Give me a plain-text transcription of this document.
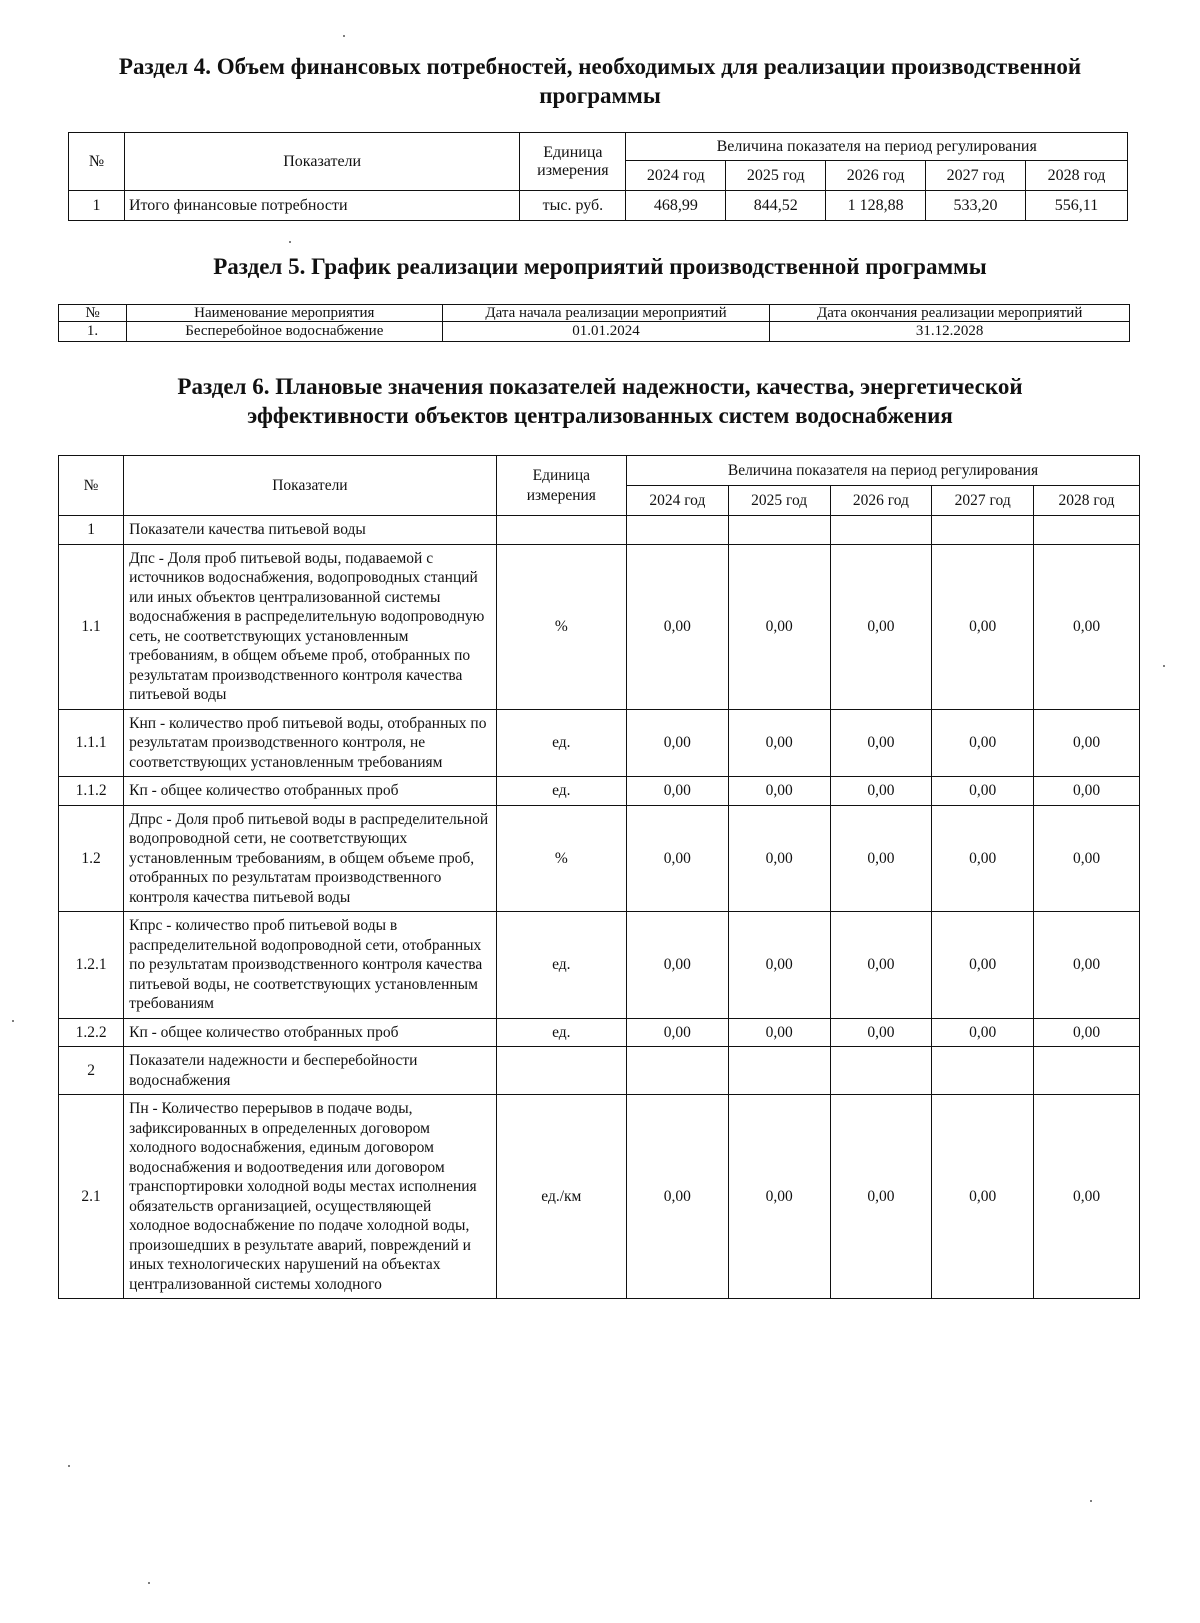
Раздел 4. Объем финансовых потребностей, необходимых для реализации производственной
программы
№	Показатели	Единица измерения	Величина показателя на период регулирования				
			2024 год	2025 год	2026 год	2027 год	2028 год
1	Итого финансовые потребности	тыс. руб.	468,99	844,52	1 128,88	533,20	556,11
Раздел 5. График реализации мероприятий производственной программы
№	Наименование мероприятия	Дата начала реализации мероприятий	Дата окончания реализации мероприятий
1.	Бесперебойное водоснабжение	01.01.2024	31.12.2028
Раздел 6. Плановые значения показателей надежности, качества, энергетической
эффективности объектов централизованных систем водоснабжения
№	Показатели	Единица измерения	Величина показателя на период регулирования				
			2024 год	2025 год	2026 год	2027 год	2028 год
1	Показатели качества питьевой воды						
1.1	Дпс - Доля проб питьевой воды, подаваемой с источников водоснабжения, водопроводных станций или иных объектов централизованной системы водоснабжения в распределительную водопроводную сеть, не соответствующих установленным требованиям, в общем объеме проб, отобранных по результатам производственного контроля качества питьевой воды	%	0,00	0,00	0,00	0,00	0,00
1.1.1	Кнп - количество проб питьевой воды, отобранных по результатам производственного контроля, не соответствующих установленным требованиям	ед.	0,00	0,00	0,00	0,00	0,00
1.1.2	Кп - общее количество отобранных проб	ед.	0,00	0,00	0,00	0,00	0,00
1.2	Дпрс - Доля проб питьевой воды в распределительной водопроводной сети, не соответствующих установленным требованиям, в общем объеме проб, отобранных по результатам производственного контроля качества питьевой воды	%	0,00	0,00	0,00	0,00	0,00
1.2.1	Кпрс - количество проб питьевой воды в распределительной водопроводной сети, отобранных по результатам производственного контроля качества питьевой воды, не соответствующих установленным требованиям	ед.	0,00	0,00	0,00	0,00	0,00
1.2.2	Кп - общее количество отобранных проб	ед.	0,00	0,00	0,00	0,00	0,00
2	Показатели надежности и бесперебойности водоснабжения						
2.1	Пн - Количество перерывов в подаче воды, зафиксированных в определенных договором холодного водоснабжения, единым договором водоснабжения и водоотведения или договором транспортировки холодной воды местах исполнения обязательств организацией, осуществляющей холодное водоснабжение по подаче холодной воды, произошедших в результате аварий, повреждений и иных технологических нарушений на объектах централизованной системы холодного	ед./км	0,00	0,00	0,00	0,00	0,00
